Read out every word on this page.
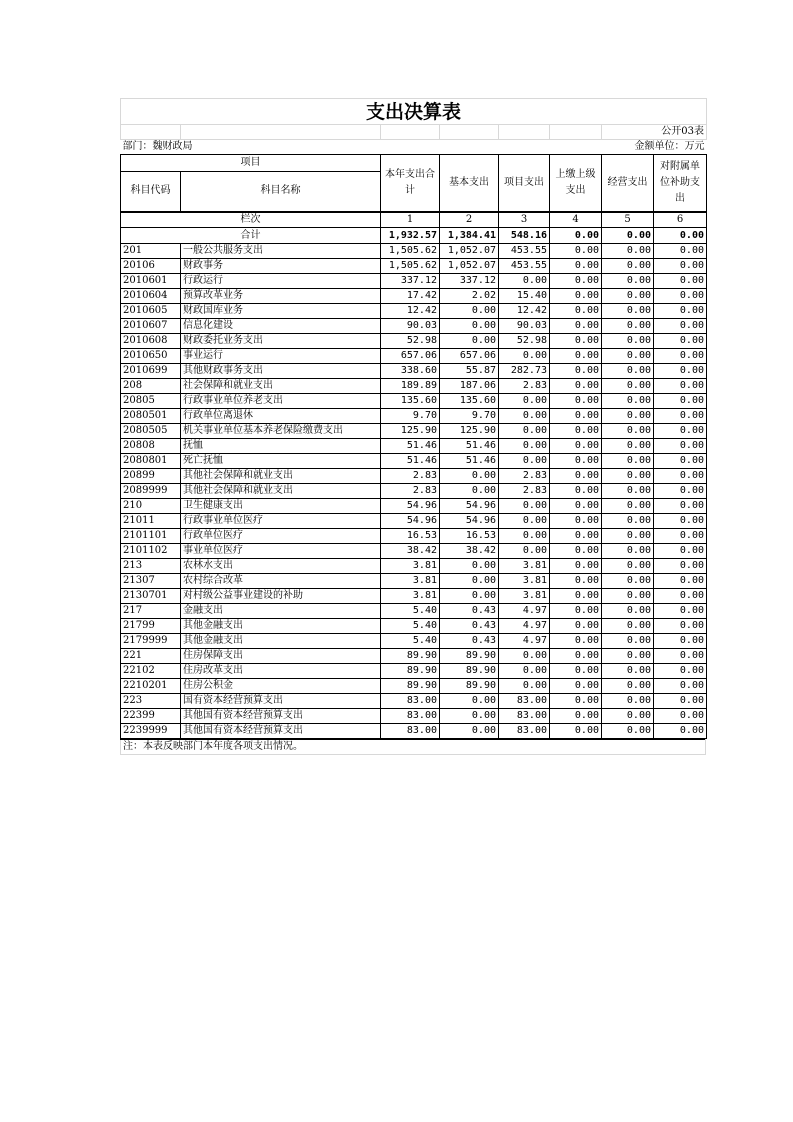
支出决算表						
						公开03表
部门：魏财政局				金额单位：万元		
项目		本年支出合计	基本支出	项目支出	上缴上级支出	经营支出	对附属单位补助支出
科目代码	科目名称						
栏次		1	2	3	4	5	6
合计		1,932.57	1,384.41	548.16	0.00	0.00	0.00
201	一般公共服务支出	1,505.62	1,052.07	453.55	0.00	0.00	0.00
20106	财政事务	1,505.62	1,052.07	453.55	0.00	0.00	0.00
2010601	行政运行	337.12	337.12	0.00	0.00	0.00	0.00
2010604	预算改革业务	17.42	2.02	15.40	0.00	0.00	0.00
2010605	财政国库业务	12.42	0.00	12.42	0.00	0.00	0.00
2010607	信息化建设	90.03	0.00	90.03	0.00	0.00	0.00
2010608	财政委托业务支出	52.98	0.00	52.98	0.00	0.00	0.00
2010650	事业运行	657.06	657.06	0.00	0.00	0.00	0.00
2010699	其他财政事务支出	338.60	55.87	282.73	0.00	0.00	0.00
208	社会保障和就业支出	189.89	187.06	2.83	0.00	0.00	0.00
20805	行政事业单位养老支出	135.60	135.60	0.00	0.00	0.00	0.00
2080501	行政单位离退休	9.70	9.70	0.00	0.00	0.00	0.00
2080505	机关事业单位基本养老保险缴费支出	125.90	125.90	0.00	0.00	0.00	0.00
20808	抚恤	51.46	51.46	0.00	0.00	0.00	0.00
2080801	死亡抚恤	51.46	51.46	0.00	0.00	0.00	0.00
20899	其他社会保障和就业支出	2.83	0.00	2.83	0.00	0.00	0.00
2089999	其他社会保障和就业支出	2.83	0.00	2.83	0.00	0.00	0.00
210	卫生健康支出	54.96	54.96	0.00	0.00	0.00	0.00
21011	行政事业单位医疗	54.96	54.96	0.00	0.00	0.00	0.00
2101101	行政单位医疗	16.53	16.53	0.00	0.00	0.00	0.00
2101102	事业单位医疗	38.42	38.42	0.00	0.00	0.00	0.00
213	农林水支出	3.81	0.00	3.81	0.00	0.00	0.00
21307	农村综合改革	3.81	0.00	3.81	0.00	0.00	0.00
2130701	对村级公益事业建设的补助	3.81	0.00	3.81	0.00	0.00	0.00
217	金融支出	5.40	0.43	4.97	0.00	0.00	0.00
21799	其他金融支出	5.40	0.43	4.97	0.00	0.00	0.00
2179999	其他金融支出	5.40	0.43	4.97	0.00	0.00	0.00
221	住房保障支出	89.90	89.90	0.00	0.00	0.00	0.00
22102	住房改革支出	89.90	89.90	0.00	0.00	0.00	0.00
2210201	住房公积金	89.90	89.90	0.00	0.00	0.00	0.00
223	国有资本经营预算支出	83.00	0.00	83.00	0.00	0.00	0.00
22399	其他国有资本经营预算支出	83.00	0.00	83.00	0.00	0.00	0.00
2239999	其他国有资本经营预算支出	83.00	0.00	83.00	0.00	0.00	0.00
注：本表反映部门本年度各项支出情况。
